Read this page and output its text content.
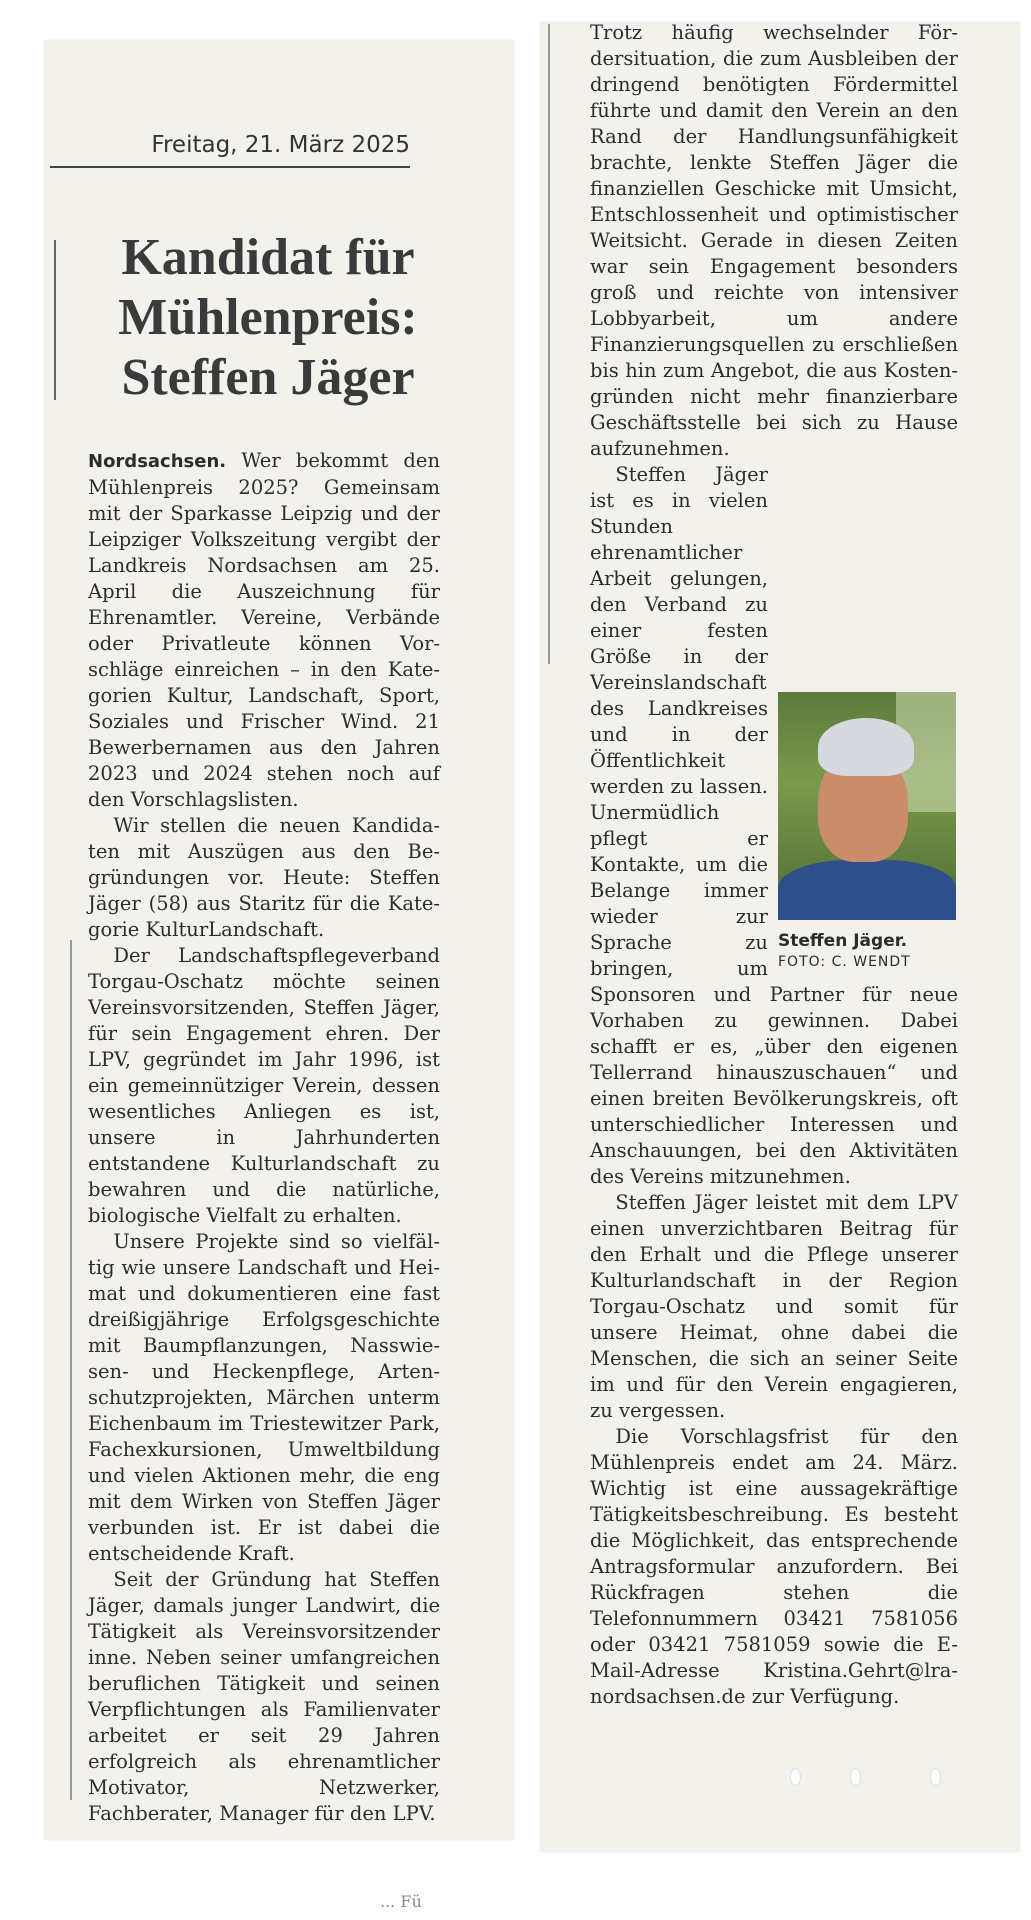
Freitag, 21. März 2025
Kandidat für Mühlenpreis: Steffen Jäger

Nordsachsen. Wer bekommt den Mühlenpreis 2025? Gemeinsam mit der Sparkasse Leipzig und der Leipziger Volkszeitung vergibt der Landkreis Nordsachsen am 25. April die Auszeichnung für Ehrenamtler. Vereine, Verbände oder Privatleute können Vorschläge einreichen – in den Kategorien Kultur, Landschaft, Sport, Soziales und Frischer Wind. 21 Bewerbernamen aus den Jahren 2023 und 2024 stehen noch auf den Vorschlagslisten.

Wir stellen die neuen Kandidaten mit Auszügen aus den Begründungen vor. Heute: Steffen Jäger (58) aus Staritz für die Kategorie KulturLandschaft.

Der Landschaftspflegeverband Torgau-Oschatz möchte seinen Vereinsvorsitzenden, Steffen Jäger, für sein Engagement ehren. Der LPV, gegründet im Jahr 1996, ist ein gemeinnütziger Verein, dessen wesentliches Anliegen es ist, unsere in Jahrhunderten entstandene Kulturlandschaft zu bewahren und die natürliche, biologische Vielfalt zu erhalten.

Unsere Projekte sind so vielfältig wie unsere Landschaft und Heimat und dokumentieren eine fast dreißigjährige Erfolgsgeschichte mit Baumpflanzungen, Nasswiesen- und Heckenpflege, Artenschutzprojekten, Märchen unterm Eichenbaum im Triestewitzer Park, Fachexkursionen, Umweltbildung und vielen Aktionen mehr, die eng mit dem Wirken von Steffen Jäger verbunden ist. Er ist dabei die entscheidende Kraft.

Seit der Gründung hat Steffen Jäger, damals junger Landwirt, die Tätigkeit als Vereinsvorsitzender inne. Neben seiner umfangreichen beruflichen Tätigkeit und seinen Verpflichtungen als Familienvater arbeitet er seit 29 Jahren erfolgreich als ehrenamtlicher Motivator, Netzwerker, Fachberater, Manager für den LPV.

Trotz häufig wechselnder Fördersituation, die zum Ausbleiben der dringend benötigten Fördermittel führte und damit den Verein an den Rand der Handlungsunfähigkeit brachte, lenkte Steffen Jäger die finanziellen Geschicke mit Umsicht, Entschlossenheit und optimistischer Weitsicht. Gerade in diesen Zeiten war sein Engagement besonders groß und reichte von intensiver Lobbyarbeit, um andere Finanzierungsquellen zu erschließen bis hin zum Angebot, die aus Kostengründen nicht mehr finanzierbare Geschäftsstelle bei sich zu Hause aufzunehmen.

Steffen Jäger.
FOTO: C. WENDT

Steffen Jäger ist es in vielen Stunden ehrenamtlicher Arbeit gelungen, den Verband zu einer festen Größe in der Vereinslandschaft des Landkreises und in der Öffentlichkeit werden zu lassen. Unermüdlich pflegt er Kontakte, um die Belange immer wieder zur Sprache zu bringen, um Sponsoren und Partner für neue Vorhaben zu gewinnen. Dabei schafft er es, „über den eigenen Tellerrand hinauszuschauen“ und einen breiten Bevölkerungskreis, oft unterschiedlicher Interessen und Anschauungen, bei den Aktivitäten des Vereins mitzunehmen.

Steffen Jäger leistet mit dem LPV einen unverzichtbaren Beitrag für den Erhalt und die Pflege unserer Kulturlandschaft in der Region Torgau-Oschatz und somit für unsere Heimat, ohne dabei die Menschen, die sich an seiner Seite im und für den Verein engagieren, zu vergessen.

Die Vorschlagsfrist für den Mühlenpreis endet am 24. März. Wichtig ist eine aussagekräftige Tätigkeitsbeschreibung. Es besteht die Möglichkeit, das entsprechende Antragsformular anzufordern. Bei Rückfragen stehen die Telefonnummern 03421 7581056 oder 03421 7581059 sowie die E-Mail-Adresse Kristina.Gehrt@lra-nordsachsen.de zur Verfügung.

... Fü
